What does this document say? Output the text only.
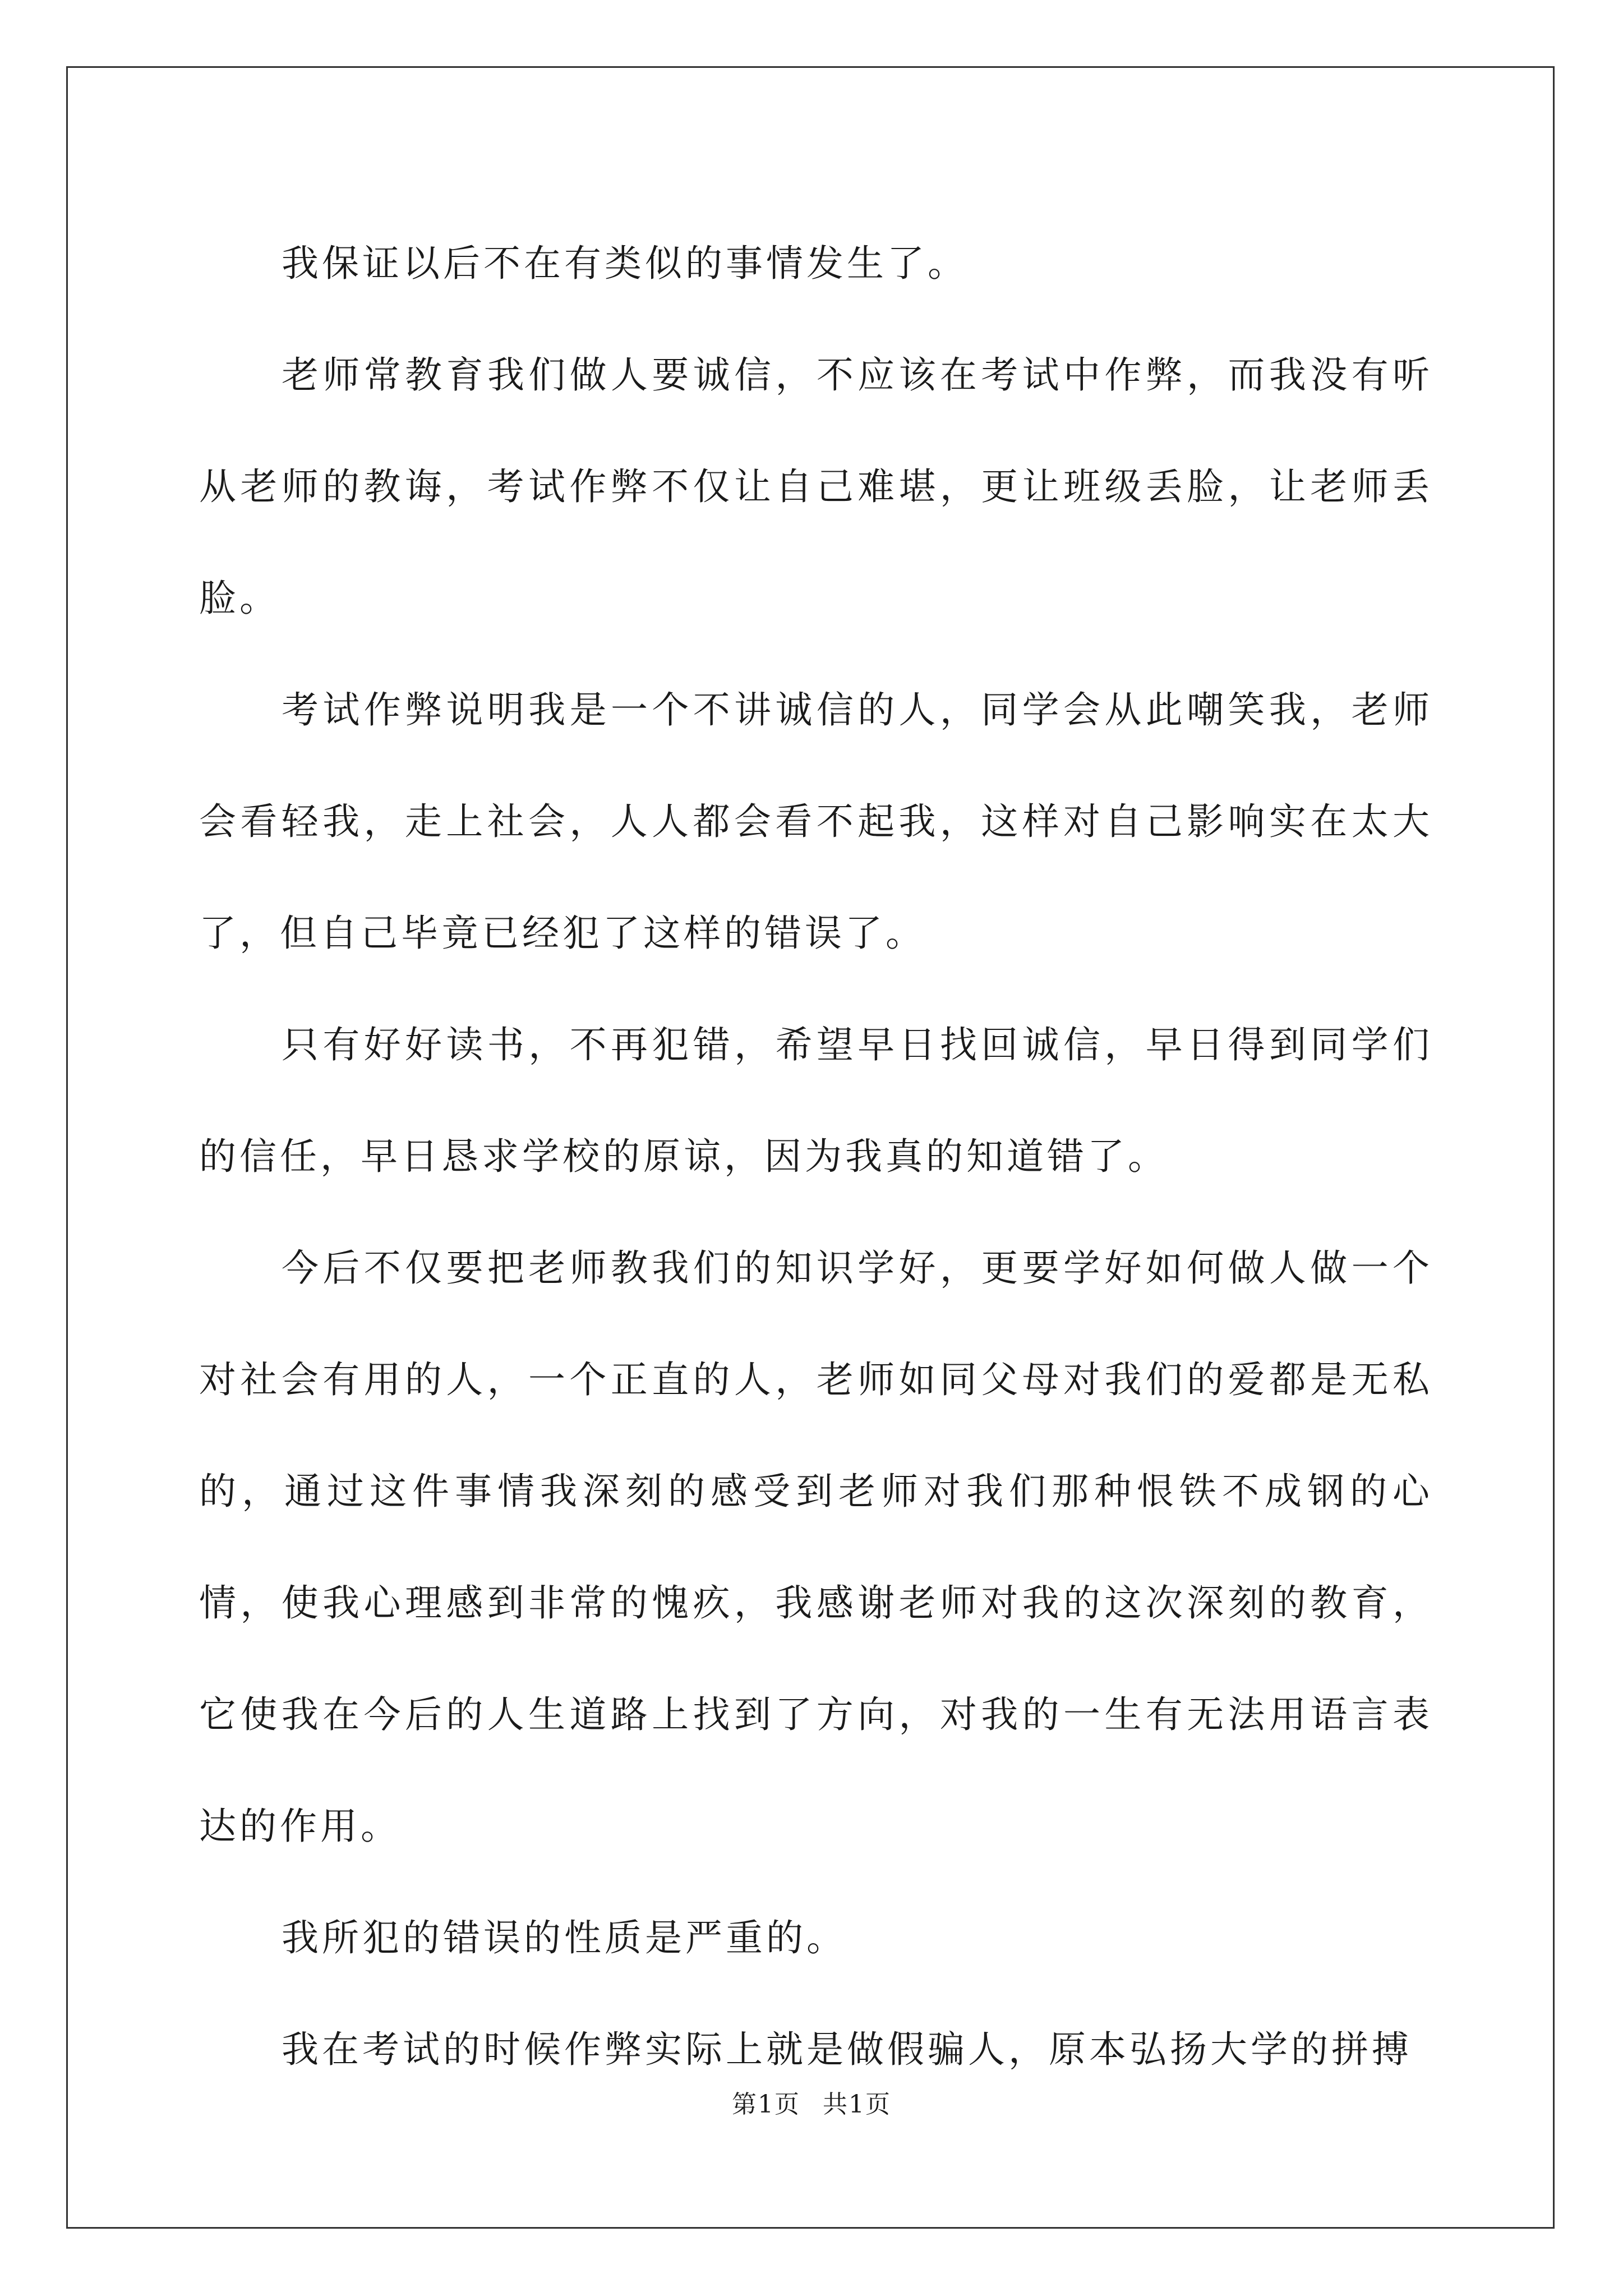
我保证以后不在有类似的事情发生了。

老师常教育我们做人要诚信，不应该在考试中作弊，而我没有听从老师的教诲，考试作弊不仅让自己难堪，更让班级丢脸，让老师丢脸。

考试作弊说明我是一个不讲诚信的人，同学会从此嘲笑我，老师会看轻我，走上社会，人人都会看不起我，这样对自己影响实在太大了，但自己毕竟已经犯了这样的错误了。

只有好好读书，不再犯错，希望早日找回诚信，早日得到同学们的信任，早日恳求学校的原谅，因为我真的知道错了。

今后不仅要把老师教我们的知识学好，更要学好如何做人做一个对社会有用的人，一个正直的人，老师如同父母对我们的爱都是无私的，通过这件事情我深刻的感受到老师对我们那种恨铁不成钢的心情，使我心理感到非常的愧疚，我感谢老师对我的这次深刻的教育，它使我在今后的人生道路上找到了方向，对我的一生有无法用语言表达的作用。

我所犯的错误的性质是严重的。

我在考试的时候作弊实际上就是做假骗人，原本弘扬大学的拼搏

第1页 共1页
